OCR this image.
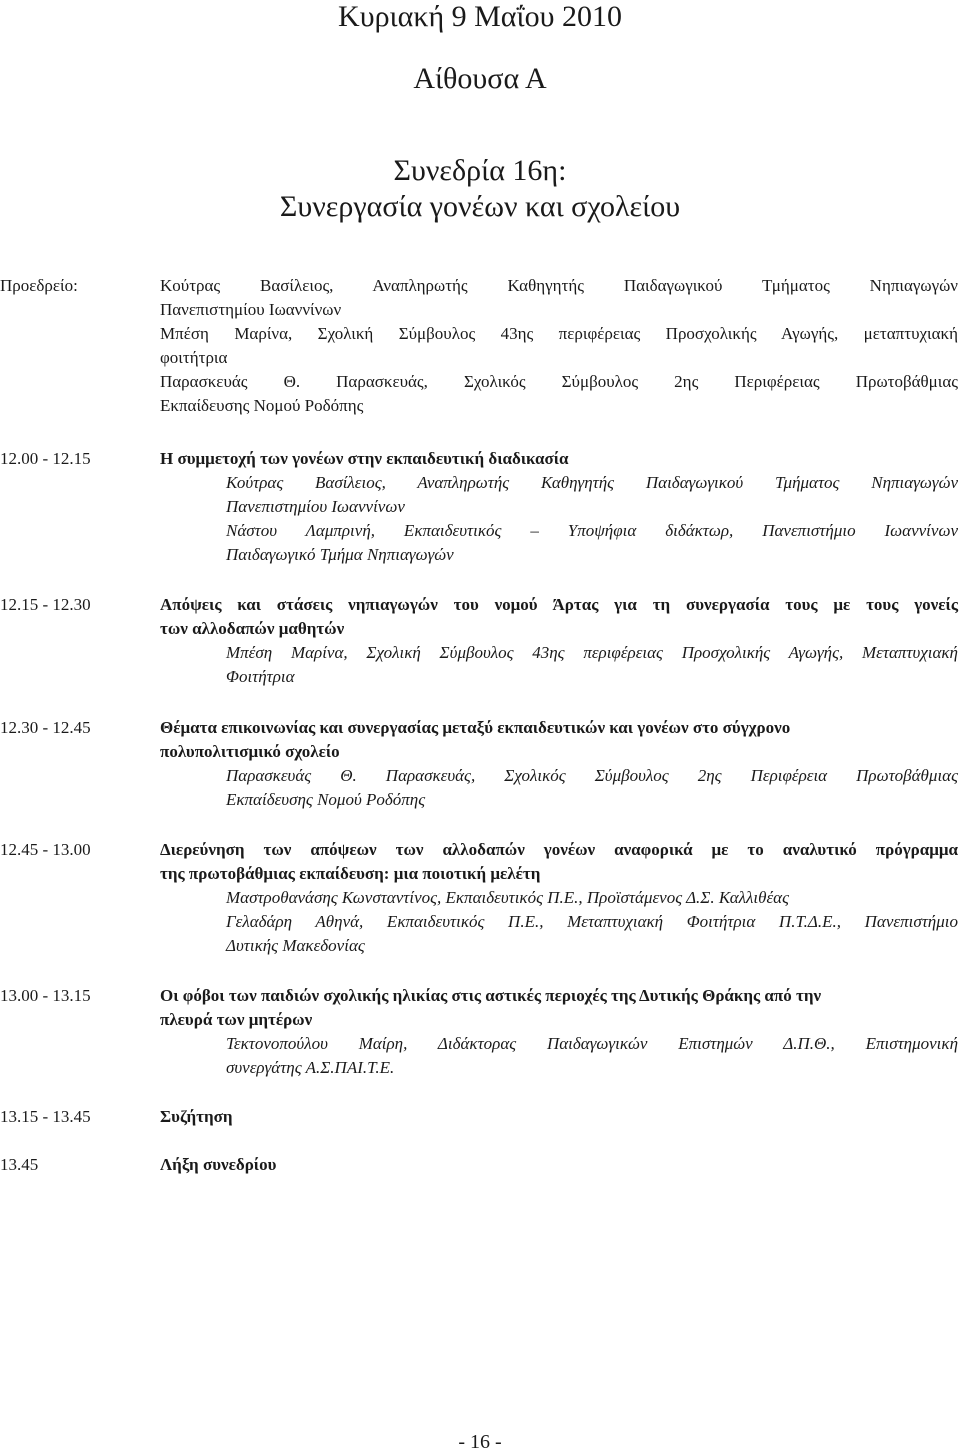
Κυριακή 9 Μαΐου 2010
Αίθουσα Α
Συνεδρία 16η:
Συνεργασία γονέων και σχολείου
Προεδρείο:	Κούτρας Βασίλειος, Αναπληρωτής Καθηγητής Παιδαγωγικού Τμήματος Νηπιαγωγών

Πανεπιστημίου Ιωαννίνων

Μπέση Μαρίνα, Σχολική Σύμβουλος 43ης περιφέρειας Προσχολικής Αγωγής, μεταπτυχιακή

φοιτήτρια

Παρασκευάς Θ. Παρασκευάς, Σχολικός Σύμβουλος 2ης Περιφέρειας Πρωτοβάθμιας

Εκπαίδευσης Νομού Ροδόπης

12.00 - 12.15	Η συμμετοχή των γονέων στην εκπαιδευτική διαδικασία

Κούτρας Βασίλειος, Αναπληρωτής Καθηγητής Παιδαγωγικού Τμήματος Νηπιαγωγών

Πανεπιστημίου Ιωαννίνων

Νάστου Λαμπρινή, Εκπαιδευτικός – Υποψήφια διδάκτωρ, Πανεπιστήμιο Ιωαννίνων

Παιδαγωγικό Τμήμα Νηπιαγωγών

12.15 - 12.30	Απόψεις και στάσεις νηπιαγωγών του νομού Άρτας για τη συνεργασία τους με τους γονείς
των αλλοδαπών μαθητών

Μπέση Μαρίνα, Σχολική Σύμβουλος 43ης περιφέρειας Προσχολικής Αγωγής, Μεταπτυχιακή

Φοιτήτρια

12.30 - 12.45	Θέματα επικοινωνίας και συνεργασίας μεταξύ εκπαιδευτικών και γονέων στο σύγχρονο
πολυπολιτισμικό σχολείο

Παρασκευάς Θ. Παρασκευάς, Σχολικός Σύμβουλος 2ης Περιφέρεια Πρωτοβάθμιας

Εκπαίδευσης Νομού Ροδόπης

12.45 - 13.00	Διερεύνηση των απόψεων των αλλοδαπών γονέων αναφορικά με το αναλυτικό πρόγραμμα
της πρωτοβάθμιας εκπαίδευση: μια ποιοτική μελέτη

Μαστροθανάσης Κωνσταντίνος, Εκπαιδευτικός Π.Ε., Προϊστάμενος Δ.Σ. Καλλιθέας

Γελαδάρη Αθηνά, Εκπαιδευτικός Π.Ε., Μεταπτυχιακή Φοιτήτρια Π.Τ.Δ.Ε., Πανεπιστήμιο

Δυτικής Μακεδονίας

13.00 - 13.15	Οι φόβοι των παιδιών σχολικής ηλικίας στις αστικές περιοχές της Δυτικής Θράκης από την
πλευρά των μητέρων

Τεκτονοπούλου Μαίρη, Διδάκτορας Παιδαγωγικών Επιστημών Δ.Π.Θ., Επιστημονική

συνεργάτης Α.Σ.ΠΑΙ.Τ.Ε.

13.15 - 13.45	Συζήτηση
13.45	Λήξη συνεδρίου
- 16 -
